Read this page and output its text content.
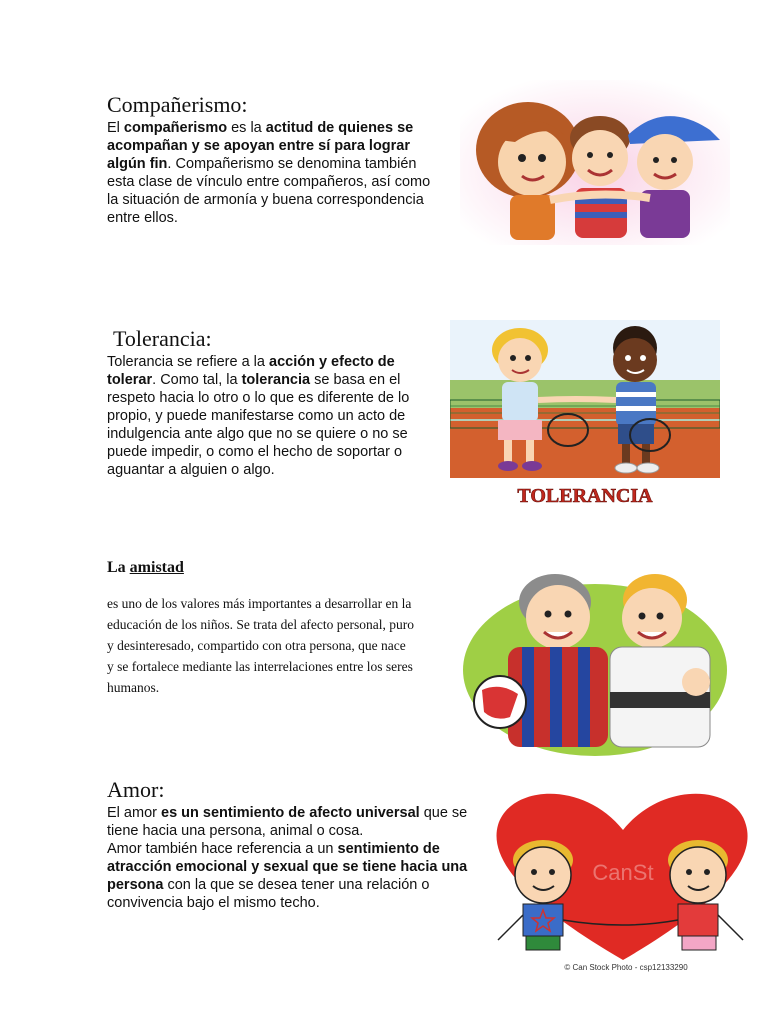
Compañerismo:
El compañerismo es la actitud de quienes se acompañan y se apoyan entre sí para lograr algún fin. Compañerismo se denomina también esta clase de vínculo entre compañeros, así como la situación de armonía y buena correspondencia entre ellos.
Tolerancia:
Tolerancia se refiere a la acción y efecto de tolerar. Como tal, la tolerancia se basa en el respeto hacia lo otro o lo que es diferente de lo propio, y puede manifestarse como un acto de indulgencia ante algo que no se quiere o no se puede impedir, o como el hecho de soportar o aguantar a alguien o algo.
TOLERANCIA
La amistad
es uno de los valores más importantes a desarrollar en la
educación de los niños. Se trata del afecto personal, puro
y desinteresado, compartido con otra persona, que nace
y se fortalece mediante las interrelaciones entre los seres
humanos.
Amor:
El amor es un sentimiento de afecto universal que se tiene hacia una persona, animal o cosa.
Amor también hace referencia a un sentimiento de atracción emocional y sexual que se tiene hacia una persona con la que se desea tener una relación o convivencia bajo el mismo techo.
CanSt
© Can Stock Photo - csp12133290
